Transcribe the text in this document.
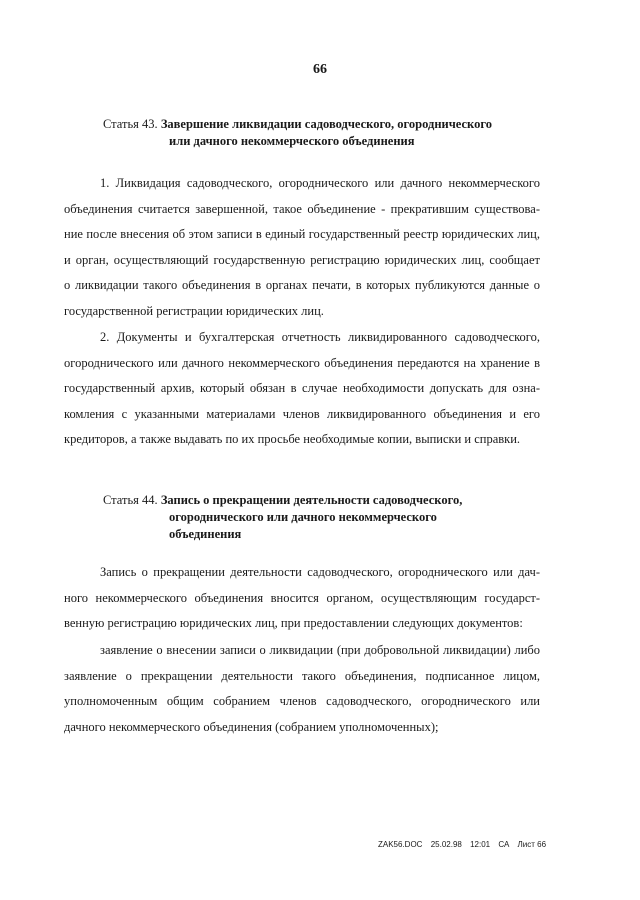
66
Статья 43. Завершение ликвидации садоводческого, огороднического
или дачного некоммерческого объединения
1. Ликвидация садоводческого, огороднического или дачного некоммерческого
объединения считается завершенной, такое объединение - прекратившим существова-
ние после внесения об этом записи в единый государственный реестр юридических лиц,
и орган, осуществляющий государственную регистрацию юридических лиц, сообщает
о ликвидации такого объединения в органах печати, в которых публикуются данные о
государственной регистрации юридических лиц.
2. Документы и бухгалтерская отчетность ликвидированного садоводческого,
огороднического или дачного некоммерческого объединения передаются на хранение в
государственный архив, который обязан в случае необходимости допускать для озна-
комления с указанными материалами членов ликвидированного объединения и его
кредиторов, а также выдавать по их просьбе необходимые копии, выписки и справки.
Статья 44. Запись о прекращении деятельности садоводческого,
огороднического или дачного некоммерческого
объединения
Запись о прекращении деятельности садоводческого, огороднического или дач-
ного некоммерческого объединения вносится органом, осуществляющим государст-
венную регистрацию юридических лиц, при предоставлении следующих документов:
заявление о внесении записи о ликвидации (при добровольной ликвидации) либо
заявление о прекращении деятельности такого объединения, подписанное лицом,
уполномоченным общим собранием членов садоводческого, огороднического или
дачного некоммерческого объединения (собранием уполномоченных);
ZAK56.DOC 25.02.98 12:01 СА Лист 66
